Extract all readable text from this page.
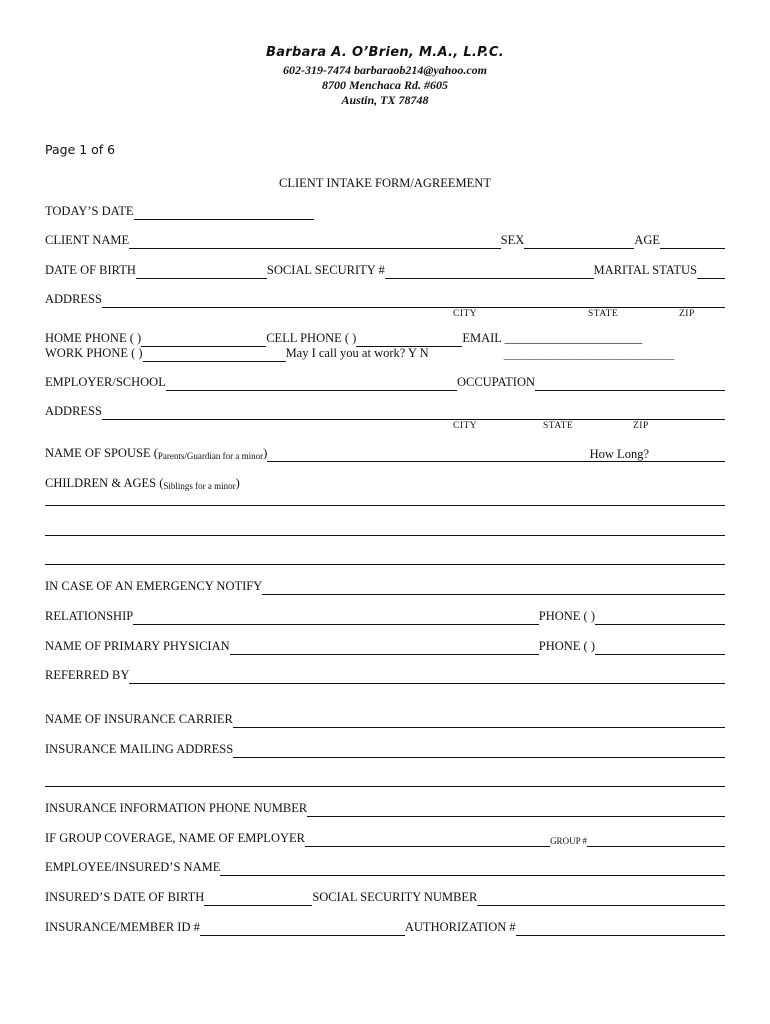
Barbara A. O’Brien, M.A., L.P.C.
602-319-7474 barbaraob214@yahoo.com
8700 Menchaca Rd. #605
Austin, TX 78748
Page 1 of 6
CLIENT INTAKE FORM/AGREEMENT
TODAY’S DATE
CLIENT NAME	SEX	AGE
DATE OF BIRTH	SOCIAL SECURITY #	MARITAL STATUS
ADDRESS
CITY	STATE	ZIP
HOME PHONE ( )	CELL PHONE ( )	EMAIL ______________________
WORK PHONE ( )	May I call you at work? Y N	_______________________________
EMPLOYER/SCHOOL	OCCUPATION
ADDRESS
CITY	STATE	ZIP
NAME OF SPOUSE ( Parents/Guardian for a minor )	How Long?
CHILDREN & AGES ( Siblings for a minor )
IN CASE OF AN EMERGENCY NOTIFY
RELATIONSHIP	PHONE ( )
NAME OF PRIMARY PHYSICIAN	PHONE ( )
REFERRED BY
NAME OF INSURANCE CARRIER
INSURANCE MAILING ADDRESS
INSURANCE INFORMATION PHONE NUMBER
IF GROUP COVERAGE, NAME OF EMPLOYER	GROUP #
EMPLOYEE/INSURED’S NAME
INSURED’S DATE OF BIRTH	SOCIAL SECURITY NUMBER
INSURANCE/MEMBER ID #	AUTHORIZATION #
